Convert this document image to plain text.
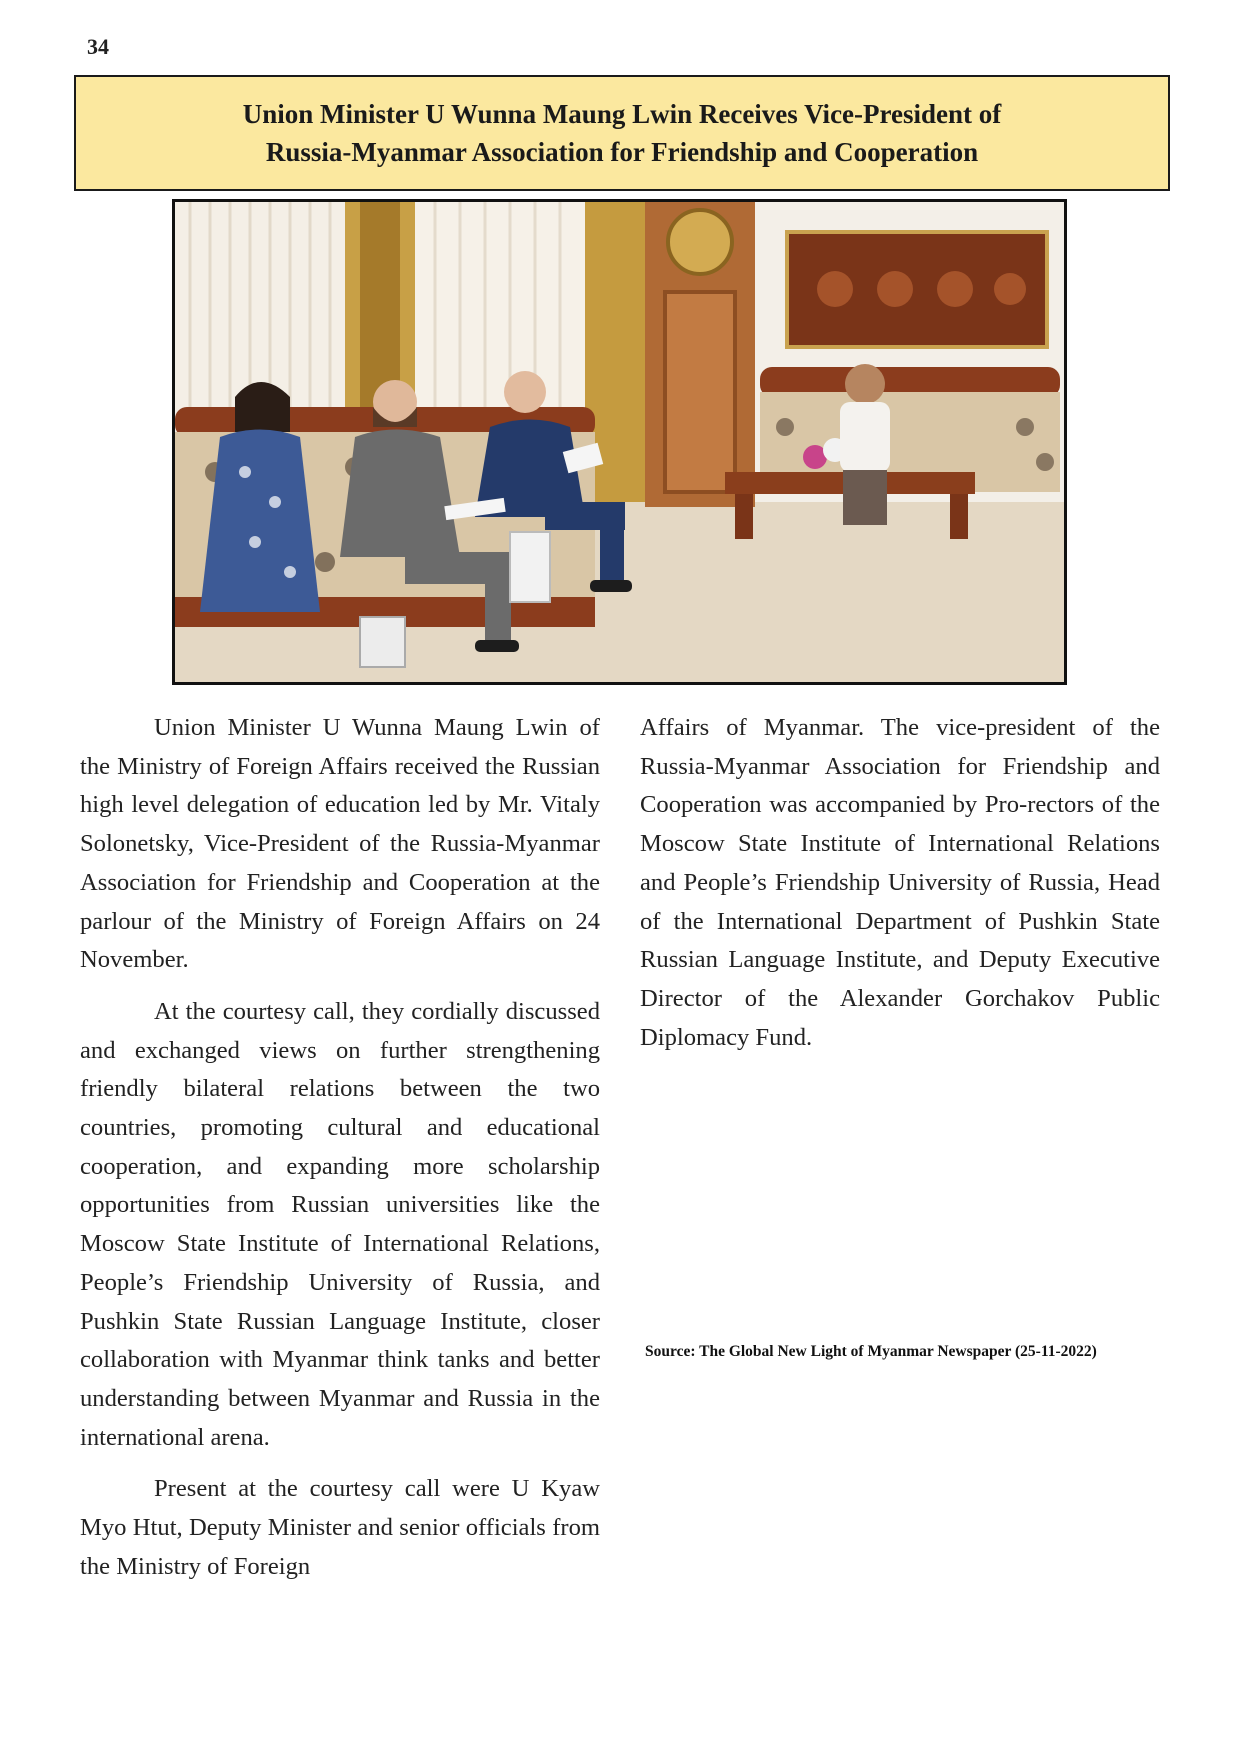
34
Union Minister U Wunna Maung Lwin Receives Vice-President of
Russia-Myanmar Association for Friendship and Cooperation

Union Minister U Wunna Maung Lwin of the Ministry of Foreign Affairs received the Russian high level delegation of education led by Mr. Vitaly Solonetsky, Vice-President of the Russia-Myanmar Association for Friendship and Cooperation at the parlour of the Ministry of Foreign Affairs on 24 November.

At the courtesy call, they cordially discussed and exchanged views on further strengthening friendly bilateral relations between the two countries, promoting cultural and educational cooperation, and expanding more scholarship opportunities from Russian universities like the Moscow State Institute of International Relations, People’s Friendship University of Russia, and Pushkin State Russian Language Institute, closer collaboration with Myanmar think tanks and better understanding between Myanmar and Russia in the international arena.

Present at the courtesy call were U Kyaw Myo Htut, Deputy Minister and senior officials from the Ministry of Foreign

Affairs of Myanmar. The vice-president of the Russia-Myanmar Association for Friendship and Cooperation was accompanied by Pro-rectors of the Moscow State Institute of International Relations and People’s Friendship University of Russia, Head of the International Department of Pushkin State Russian Language Institute, and Deputy Executive Director of the Alexander Gorchakov Public Diplomacy Fund.

Source: The Global New Light of Myanmar Newspaper (25-11-2022)
